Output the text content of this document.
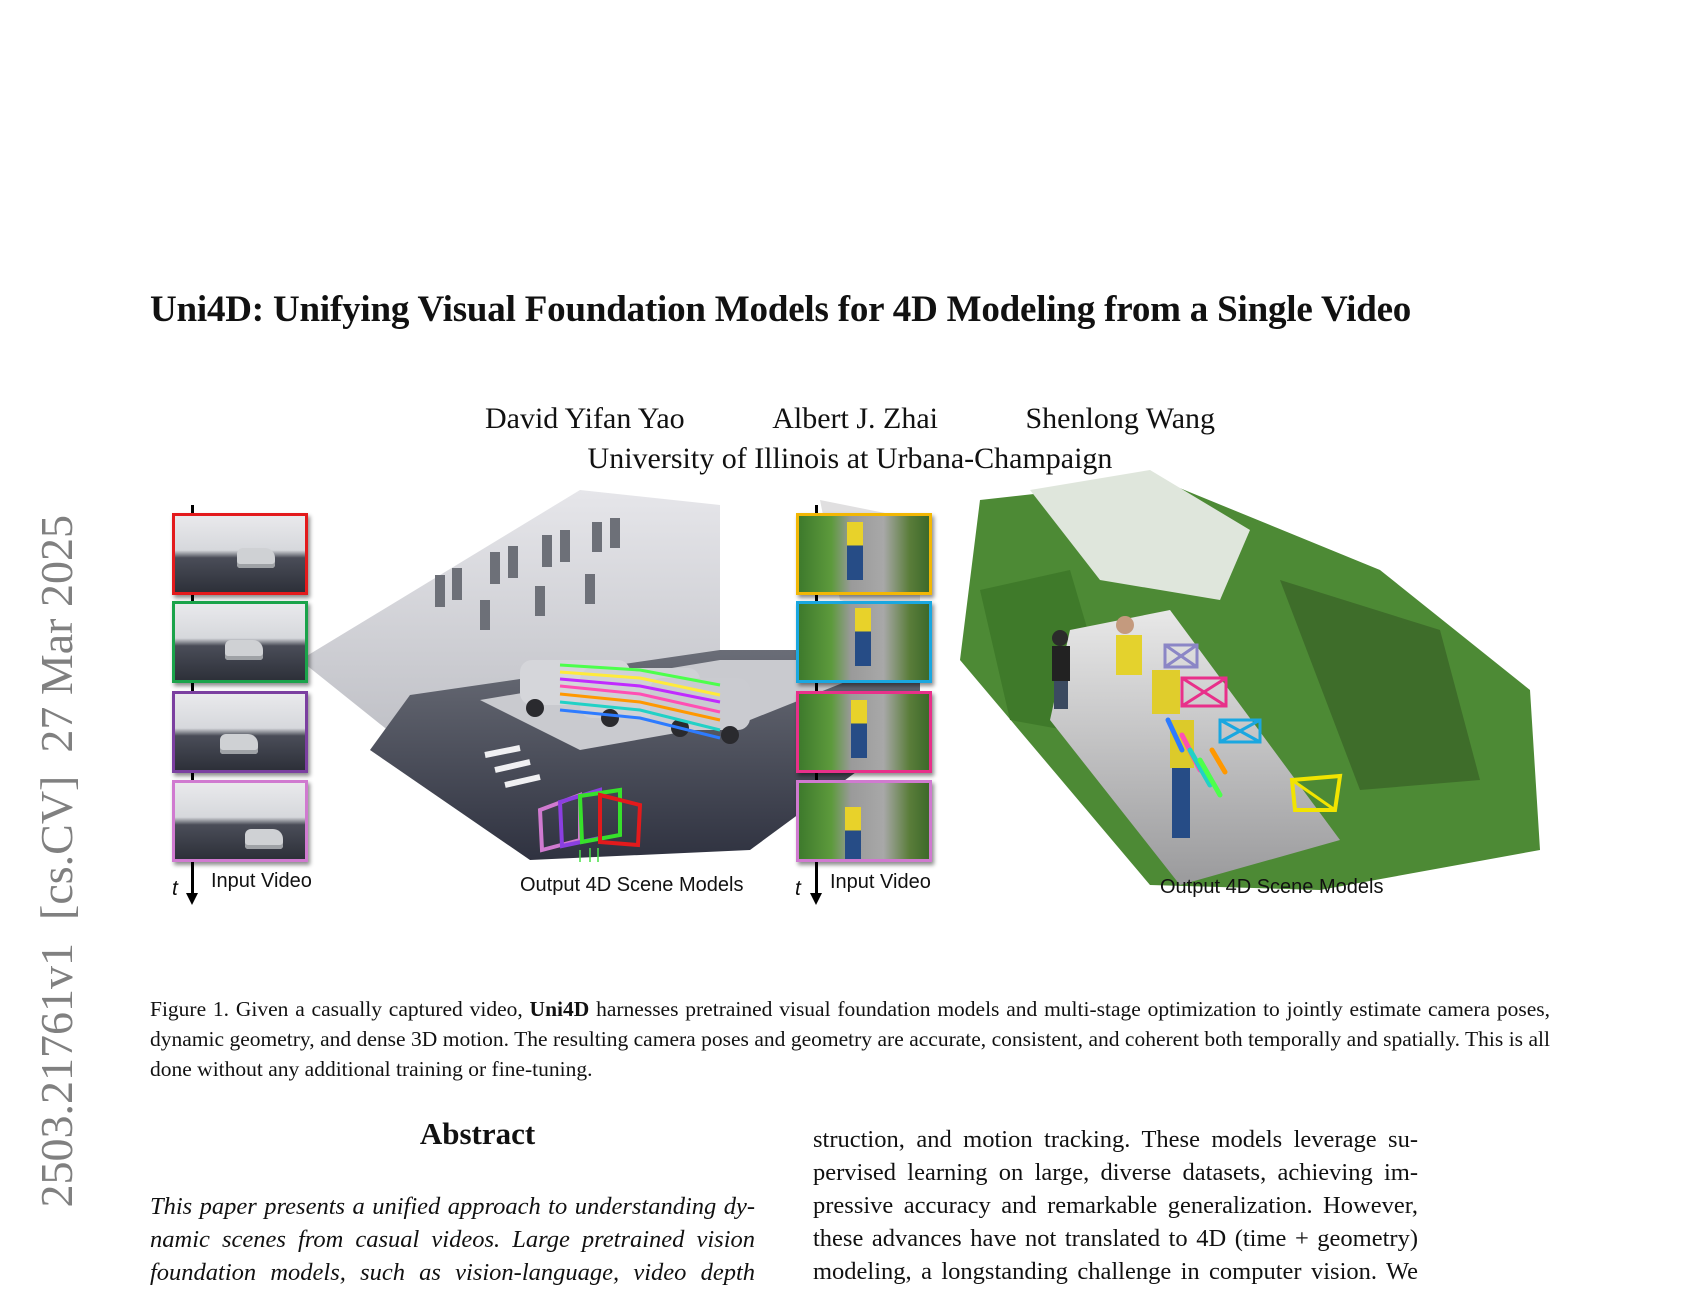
2503.21761v1  [cs.CV]  27 Mar 2025
Uni4D: Unifying Visual Foundation Models for 4D Modeling from a Single Video
David Yifan Yao	Albert J. Zhai	Shenlong Wang
University of Illinois at Urbana-Champaign
t Input Video	Output 4D Scene Models t Input Video	Output 4D Scene Models
Figure 1. Given a casually captured video, Uni4D harnesses pretrained visual foundation models and multi-stage optimization to jointly estimate camera poses, dynamic geometry, and dense 3D motion. The resulting camera poses and geometry are accurate, consistent, and coherent both temporally and spatially. This is all done without any additional training or fine-tuning.
Abstract
This paper presents a unified approach to understanding dy-
namic scenes from casual videos. Large pretrained vision
foundation models, such as vision-language, video depth
struction, and motion tracking. These models leverage su-
pervised learning on large, diverse datasets, achieving im-
pressive accuracy and remarkable generalization. However,
these advances have not translated to 4D (time + geometry)
modeling, a longstanding challenge in computer vision. We
